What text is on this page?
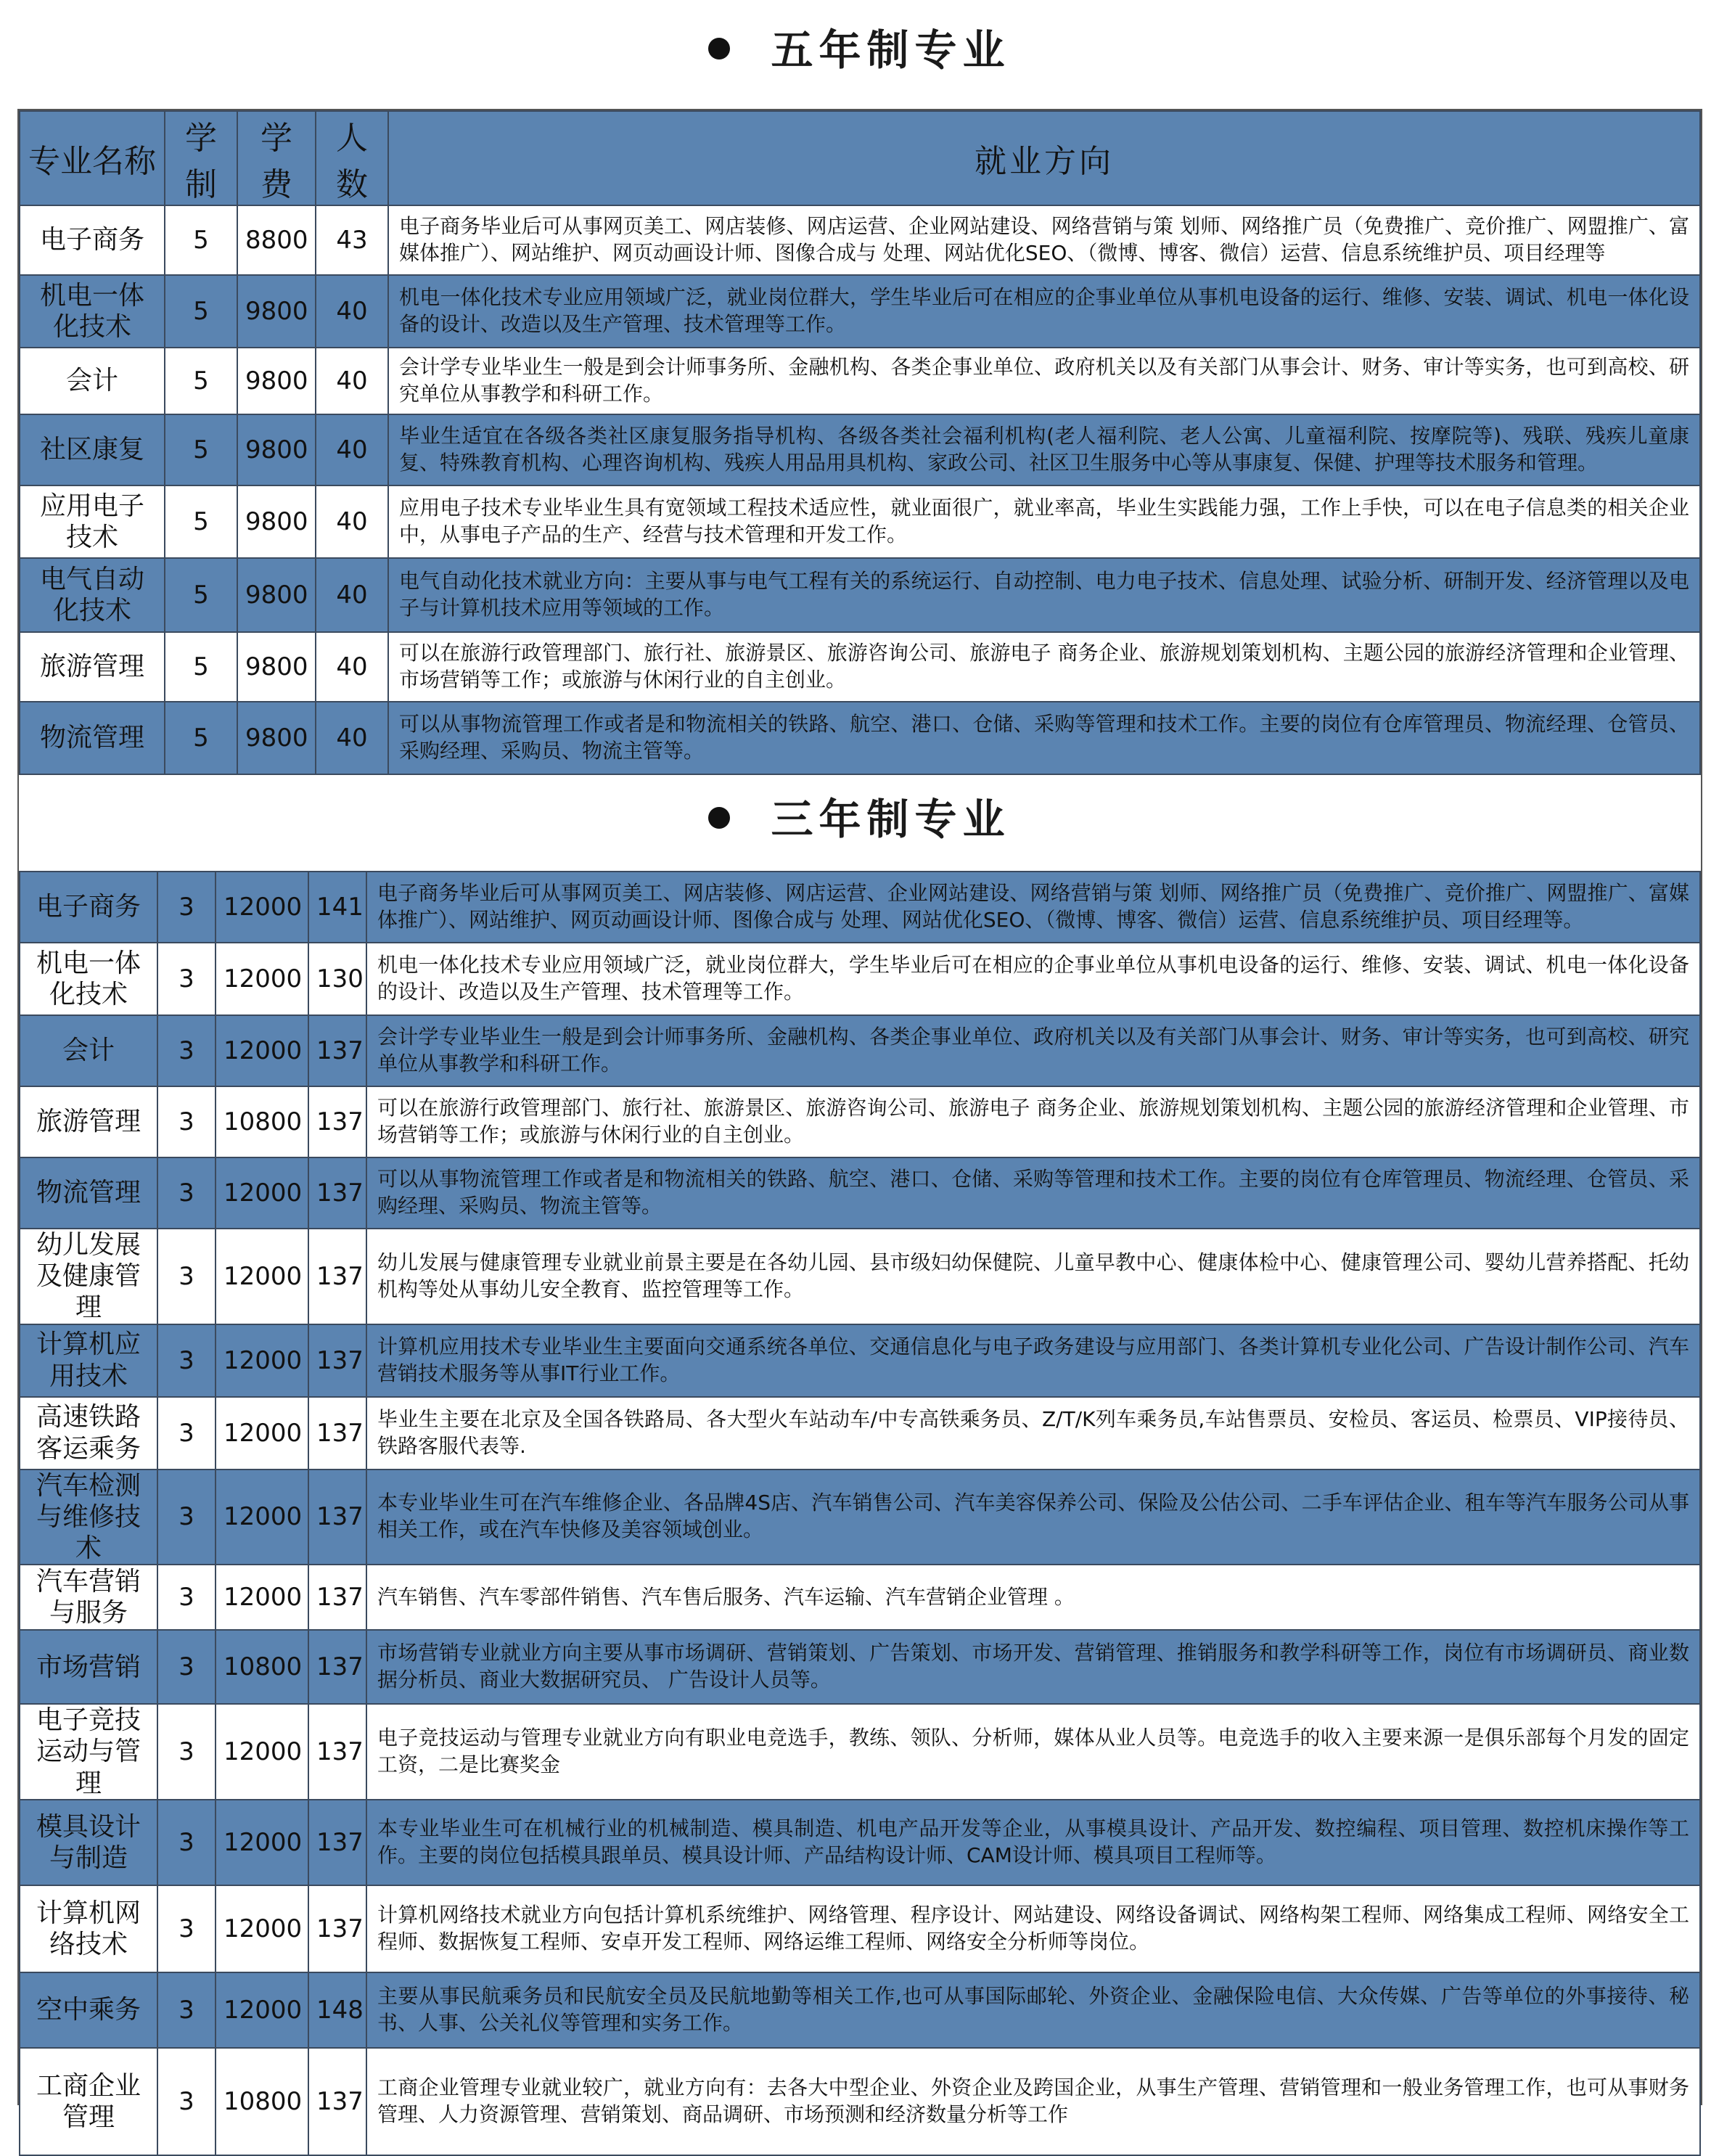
五年制专业
专业名称	学制	学费	人数	就业方向
电子商务	5	8800	43	电子商务毕业后可从事网页美工、网店装修、网店运营、企业网站建设、网络营销与策 划师、网络推广员（免费推广、竞价推广、网盟推广、富媒体推广）、网站维护、网页动画设计师、图像合成与 处理、网站优化SEO、（微博、博客、微信）运营、信息系统维护员、项目经理等
机电一体化技术	5	9800	40	机电一体化技术专业应用领域广泛，就业岗位群大，学生毕业后可在相应的企事业单位从事机电设备的运行、维修、安装、调试、机电一体化设备的设计、改造以及生产管理、技术管理等工作。
会计	5	9800	40	会计学专业毕业生一般是到会计师事务所、金融机构、各类企事业单位、政府机关以及有关部门从事会计、财务、审计等实务，也可到高校、研究单位从事教学和科研工作。
社区康复	5	9800	40	毕业生适宜在各级各类社区康复服务指导机构、各级各类社会福利机构(老人福利院、老人公寓、儿童福利院、按摩院等)、残联、残疾儿童康复、特殊教育机构、心理咨询机构、残疾人用品用具机构、家政公司、社区卫生服务中心等从事康复、保健、护理等技术服务和管理。
应用电子技术	5	9800	40	应用电子技术专业毕业生具有宽领域工程技术适应性，就业面很广，就业率高，毕业生实践能力强，工作上手快，可以在电子信息类的相关企业中，从事电子产品的生产、经营与技术管理和开发工作。
电气自动化技术	5	9800	40	电气自动化技术就业方向：主要从事与电气工程有关的系统运行、自动控制、电力电子技术、信息处理、试验分析、研制开发、经济管理以及电子与计算机技术应用等领域的工作。
旅游管理	5	9800	40	可以在旅游行政管理部门、旅行社、旅游景区、旅游咨询公司、旅游电子 商务企业、旅游规划策划机构、主题公园的旅游经济管理和企业管理、市场营销等工作；或旅游与休闲行业的自主创业。
物流管理	5	9800	40	可以从事物流管理工作或者是和物流相关的铁路、航空、港口、仓储、采购等管理和技术工作。主要的岗位有仓库管理员、物流经理、仓管员、采购经理、采购员、物流主管等。
三年制专业
电子商务	3	12000	141	电子商务毕业后可从事网页美工、网店装修、网店运营、企业网站建设、网络营销与策 划师、网络推广员（免费推广、竞价推广、网盟推广、富媒体推广）、网站维护、网页动画设计师、图像合成与 处理、网站优化SEO、（微博、博客、微信）运营、信息系统维护员、项目经理等。
机电一体化技术	3	12000	130	机电一体化技术专业应用领域广泛，就业岗位群大，学生毕业后可在相应的企事业单位从事机电设备的运行、维修、安装、调试、机电一体化设备的设计、改造以及生产管理、技术管理等工作。
会计	3	12000	137	会计学专业毕业生一般是到会计师事务所、金融机构、各类企事业单位、政府机关以及有关部门从事会计、财务、审计等实务，也可到高校、研究单位从事教学和科研工作。
旅游管理	3	10800	137	可以在旅游行政管理部门、旅行社、旅游景区、旅游咨询公司、旅游电子 商务企业、旅游规划策划机构、主题公园的旅游经济管理和企业管理、市场营销等工作；或旅游与休闲行业的自主创业。
物流管理	3	12000	137	可以从事物流管理工作或者是和物流相关的铁路、航空、港口、仓储、采购等管理和技术工作。主要的岗位有仓库管理员、物流经理、仓管员、采购经理、采购员、物流主管等。
幼儿发展及健康管理	3	12000	137	幼儿发展与健康管理专业就业前景主要是在各幼儿园、县市级妇幼保健院、儿童早教中心、健康体检中心、健康管理公司、婴幼儿营养搭配、托幼机构等处从事幼儿安全教育、监控管理等工作。
计算机应用技术	3	12000	137	计算机应用技术专业毕业生主要面向交通系统各单位、交通信息化与电子政务建设与应用部门、各类计算机专业化公司、广告设计制作公司、汽车营销技术服务等从事IT行业工作。
高速铁路客运乘务	3	12000	137	毕业生主要在北京及全国各铁路局、各大型火车站动车/中专高铁乘务员、Z/T/K列车乘务员,车站售票员、安检员、客运员、检票员、VIP接待员、铁路客服代表等.
汽车检测与维修技术	3	12000	137	本专业毕业生可在汽车维修企业、各品牌4S店、汽车销售公司、汽车美容保养公司、保险及公估公司、二手车评估企业、租车等汽车服务公司从事相关工作，或在汽车快修及美容领域创业。
汽车营销与服务	3	12000	137	汽车销售、汽车零部件销售、汽车售后服务、汽车运输、汽车营销企业管理 。
市场营销	3	10800	137	市场营销专业就业方向主要从事市场调研、营销策划、广告策划、市场开发、营销管理、推销服务和教学科研等工作，岗位有市场调研员、商业数据分析员、商业大数据研究员、 广告设计人员等。
电子竞技运动与管理	3	12000	137	电子竞技运动与管理专业就业方向有职业电竞选手，教练、领队、分析师，媒体从业人员等。电竞选手的收入主要来源一是俱乐部每个月发的固定工资，二是比赛奖金
模具设计与制造	3	12000	137	本专业毕业生可在机械行业的机械制造、模具制造、机电产品开发等企业，从事模具设计、产品开发、数控编程、项目管理、数控机床操作等工作。主要的岗位包括模具跟单员、模具设计师、产品结构设计师、CAM设计师、模具项目工程师等。
计算机网络技术	3	12000	137	计算机网络技术就业方向包括计算机系统维护、网络管理、程序设计、网站建设、网络设备调试、网络构架工程师、网络集成工程师、网络安全工程师、数据恢复工程师、安卓开发工程师、网络运维工程师、网络安全分析师等岗位。
空中乘务	3	12000	148	主要从事民航乘务员和民航安全员及民航地勤等相关工作,也可从事国际邮轮、外资企业、金融保险电信、大众传媒、广告等单位的外事接待、秘书、人事、公关礼仪等管理和实务工作。
工商企业管理	3	10800	137	工商企业管理专业就业较广，就业方向有：去各大中型企业、外资企业及跨国企业，从事生产管理、营销管理和一般业务管理工作，也可从事财务管理、人力资源管理、营销策划、商品调研、市场预测和经济数量分析等工作
